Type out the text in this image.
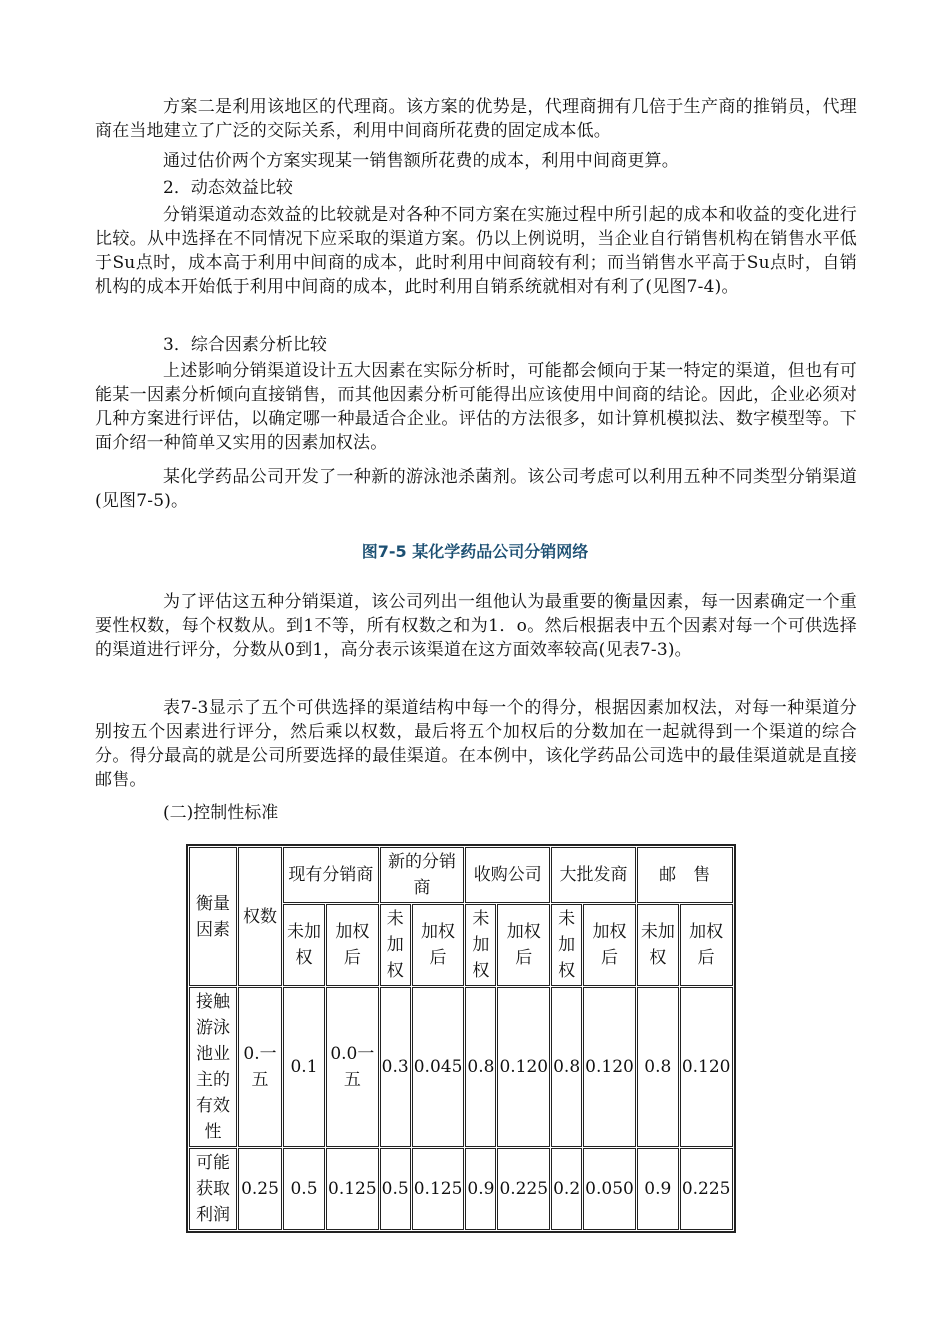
方案二是利用该地区的代理商。该方案的优势是，代理商拥有几倍于生产商的推销员，代理商在当地建立了广泛的交际关系，利用中间商所花费的固定成本低。

通过估价两个方案实现某一销售额所花费的成本，利用中间商更算。

2．动态效益比较

分销渠道动态效益的比较就是对各种不同方案在实施过程中所引起的成本和收益的变化进行比较。从中选择在不同情况下应采取的渠道方案。仍以上例说明，当企业自行销售机构在销售水平低于Su点时，成本高于利用中间商的成本，此时利用中间商较有利；而当销售水平高于Su点时，自销机构的成本开始低于利用中间商的成本，此时利用自销系统就相对有利了(见图7-4)。

3．综合因素分析比较

上述影响分销渠道设计五大因素在实际分析时，可能都会倾向于某一特定的渠道，但也有可能某一因素分析倾向直接销售，而其他因素分析可能得出应该使用中间商的结论。因此，企业必须对几种方案进行评估，以确定哪一种最适合企业。评估的方法很多，如计算机模拟法、数字模型等。下面介绍一种简单又实用的因素加权法。

某化学药品公司开发了一种新的游泳池杀菌剂。该公司考虑可以利用五种不同类型分销渠道(见图7-5)。

图7-5 某化学药品公司分销网络

为了评估这五种分销渠道，该公司列出一组他认为最重要的衡量因素，每一因素确定一个重要性权数，每个权数从。到1不等，所有权数之和为1．o。然后根据表中五个因素对每一个可供选择的渠道进行评分，分数从0到1，高分表示该渠道在这方面效率较高(见表7-3)。

表7-3显示了五个可供选择的渠道结构中每一个的得分，根据因素加权法，对每一种渠道分别按五个因素进行评分，然后乘以权数，最后将五个加权后的分数加在一起就得到一个渠道的综合分。得分最高的就是公司所要选择的最佳渠道。在本例中，该化学药品公司选中的最佳渠道就是直接邮售。

(二)控制性标准

衡量因素	权数	现有分销商		新的分销商		收购公司		大批发商		邮　售	
		未加权	加权后	未加权	加权后	未加权	加权后	未加权	加权后	未加权	加权后
接触游泳池业主的有效性	0.一五	0.1	0.0一五	0.3	0.045	0.8	0.120	0.8	0.120	0.8	0.120
可能获取利润	0.25	0.5	0.125	0.5	0.125	0.9	0.225	0.2	0.050	0.9	0.225
